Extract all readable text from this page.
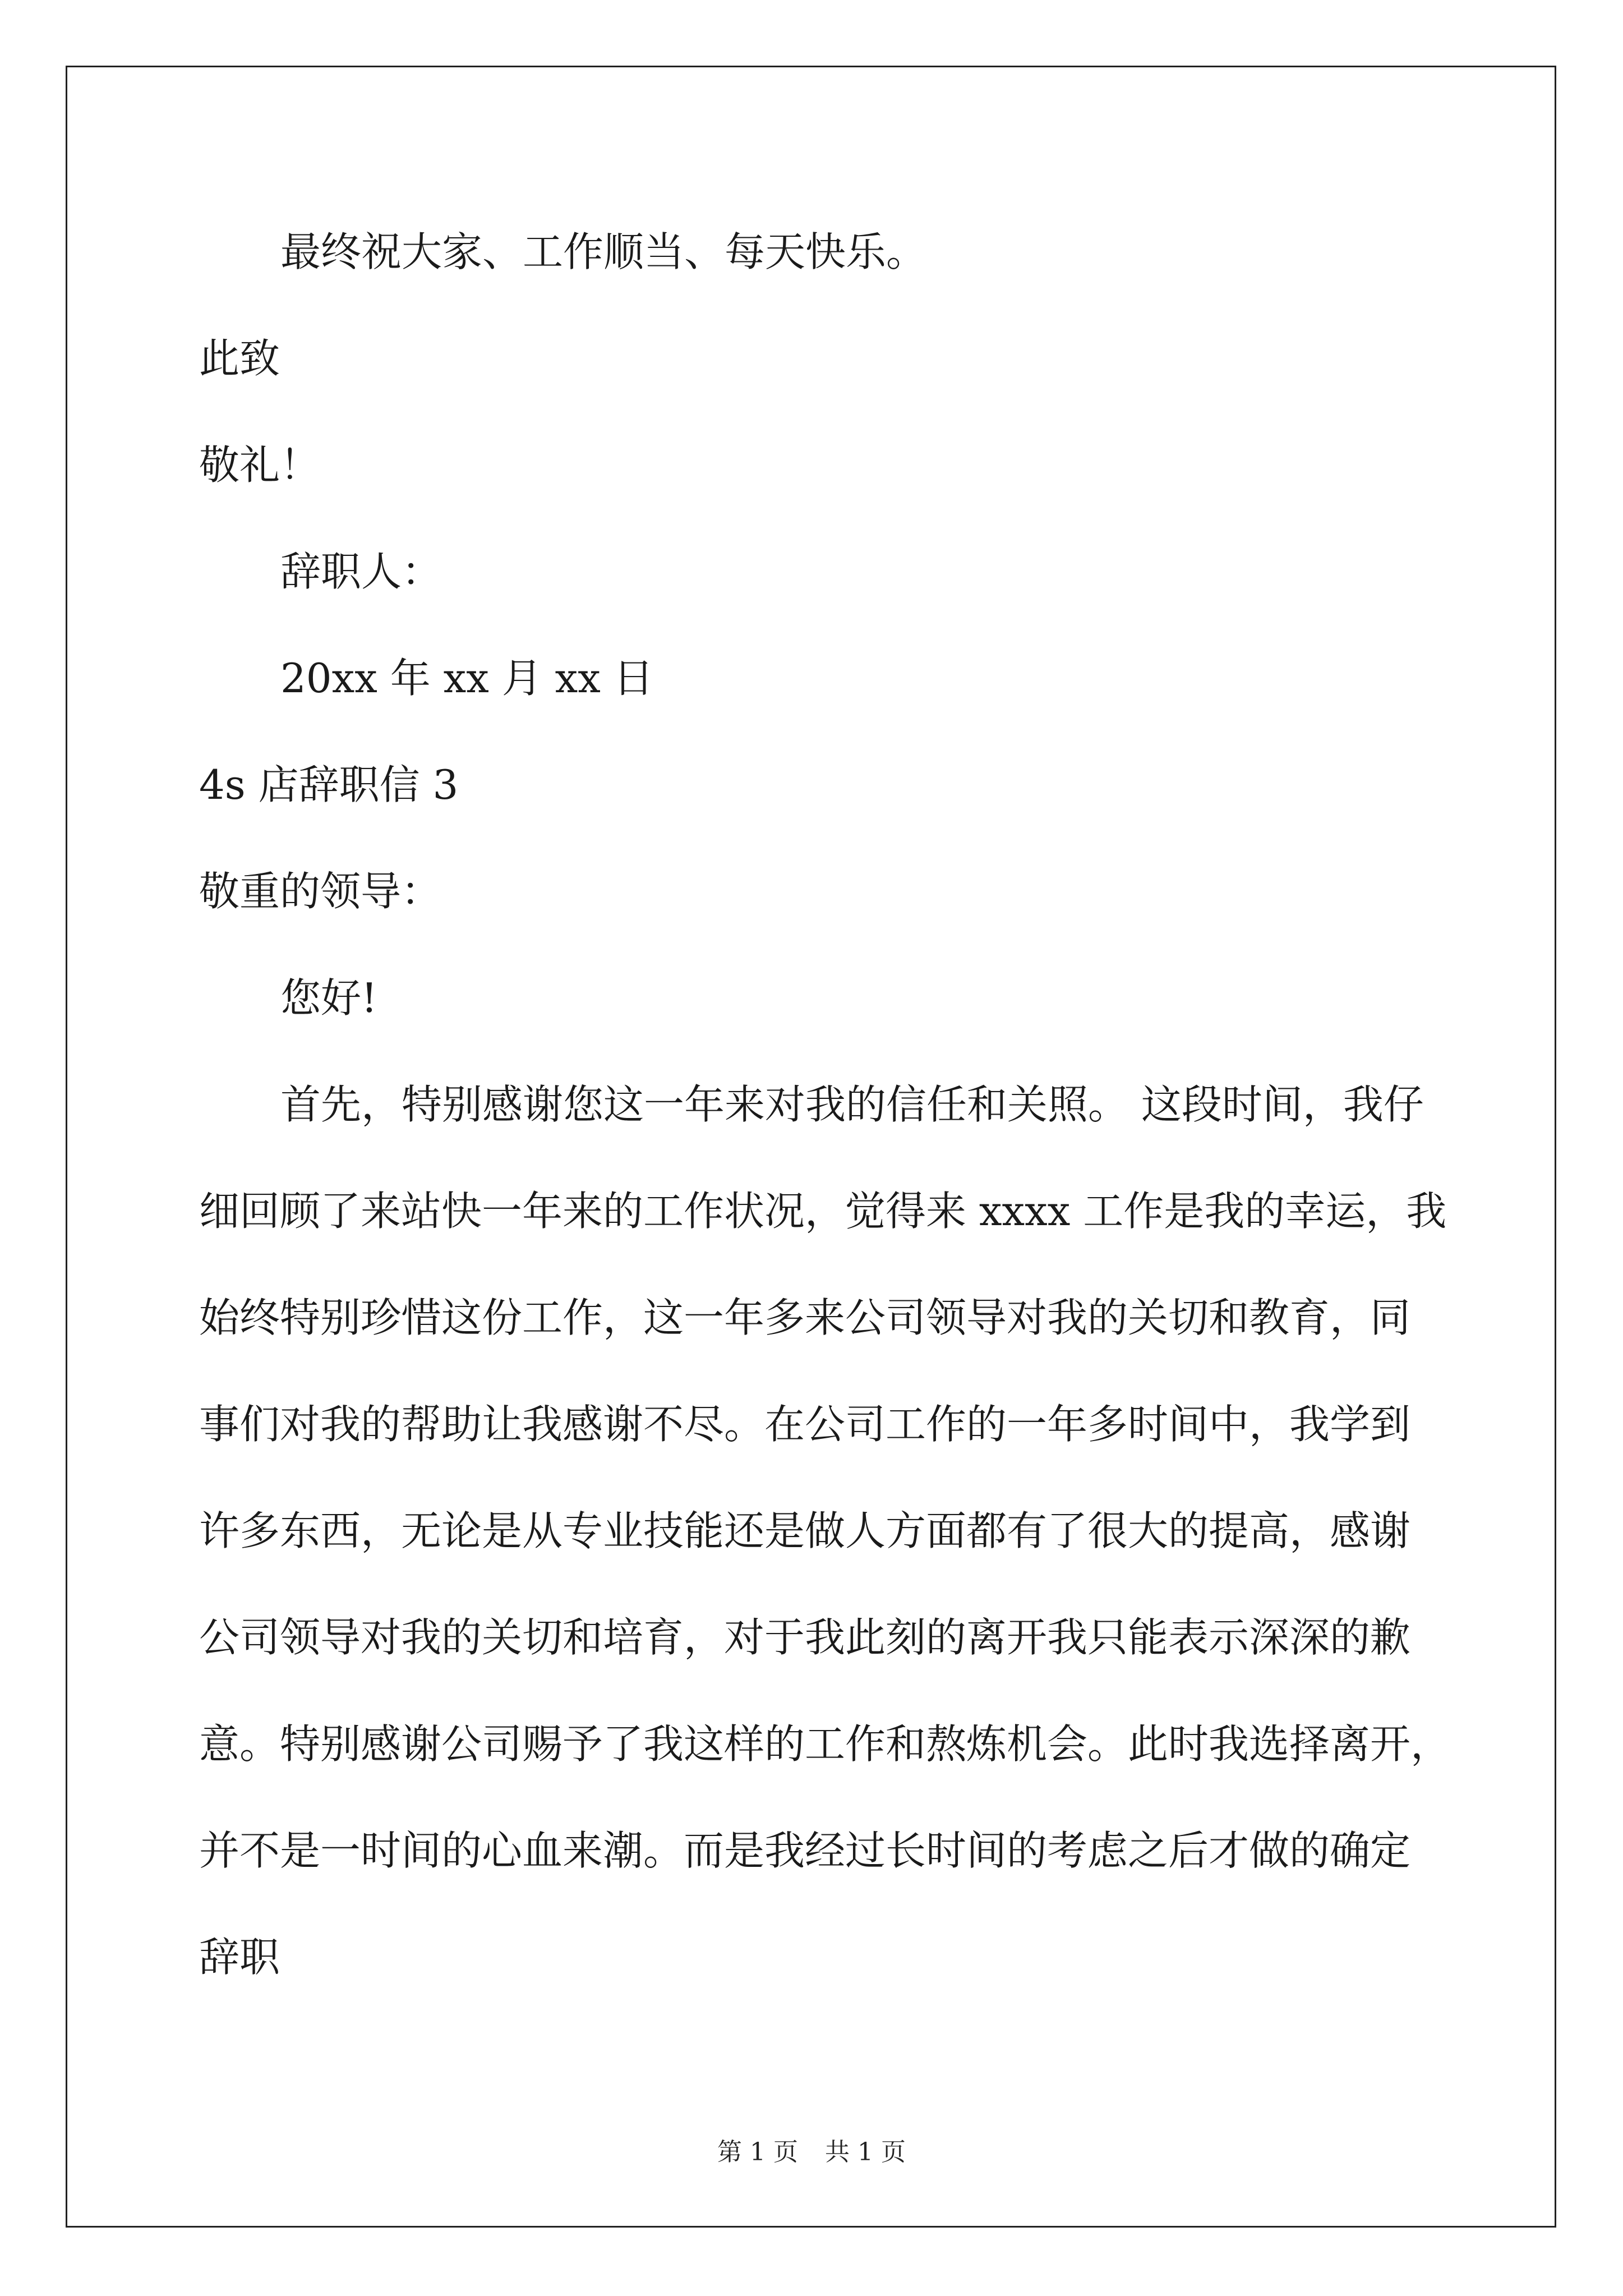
最终祝大家、工作顺当、每天快乐。
此致
敬礼！
辞职人：
20xx 年 xx 月 xx 日
4s 店辞职信 3
敬重的领导：
您好!
首先，特别感谢您这一年来对我的信任和关照。 这段时间，我仔
细回顾了来站快一年来的工作状况，觉得来 xxxx 工作是我的幸运，我
始终特别珍惜这份工作，这一年多来公司领导对我的关切和教育，同
事们对我的帮助让我感谢不尽。在公司工作的一年多时间中，我学到
许多东西，无论是从专业技能还是做人方面都有了很大的提高，感谢
公司领导对我的关切和培育，对于我此刻的离开我只能表示深深的歉
意。特别感谢公司赐予了我这样的工作和熬炼机会。此时我选择离开，
并不是一时间的心血来潮。而是我经过长时间的考虑之后才做的确定
辞职
第 1 页 共 1 页
